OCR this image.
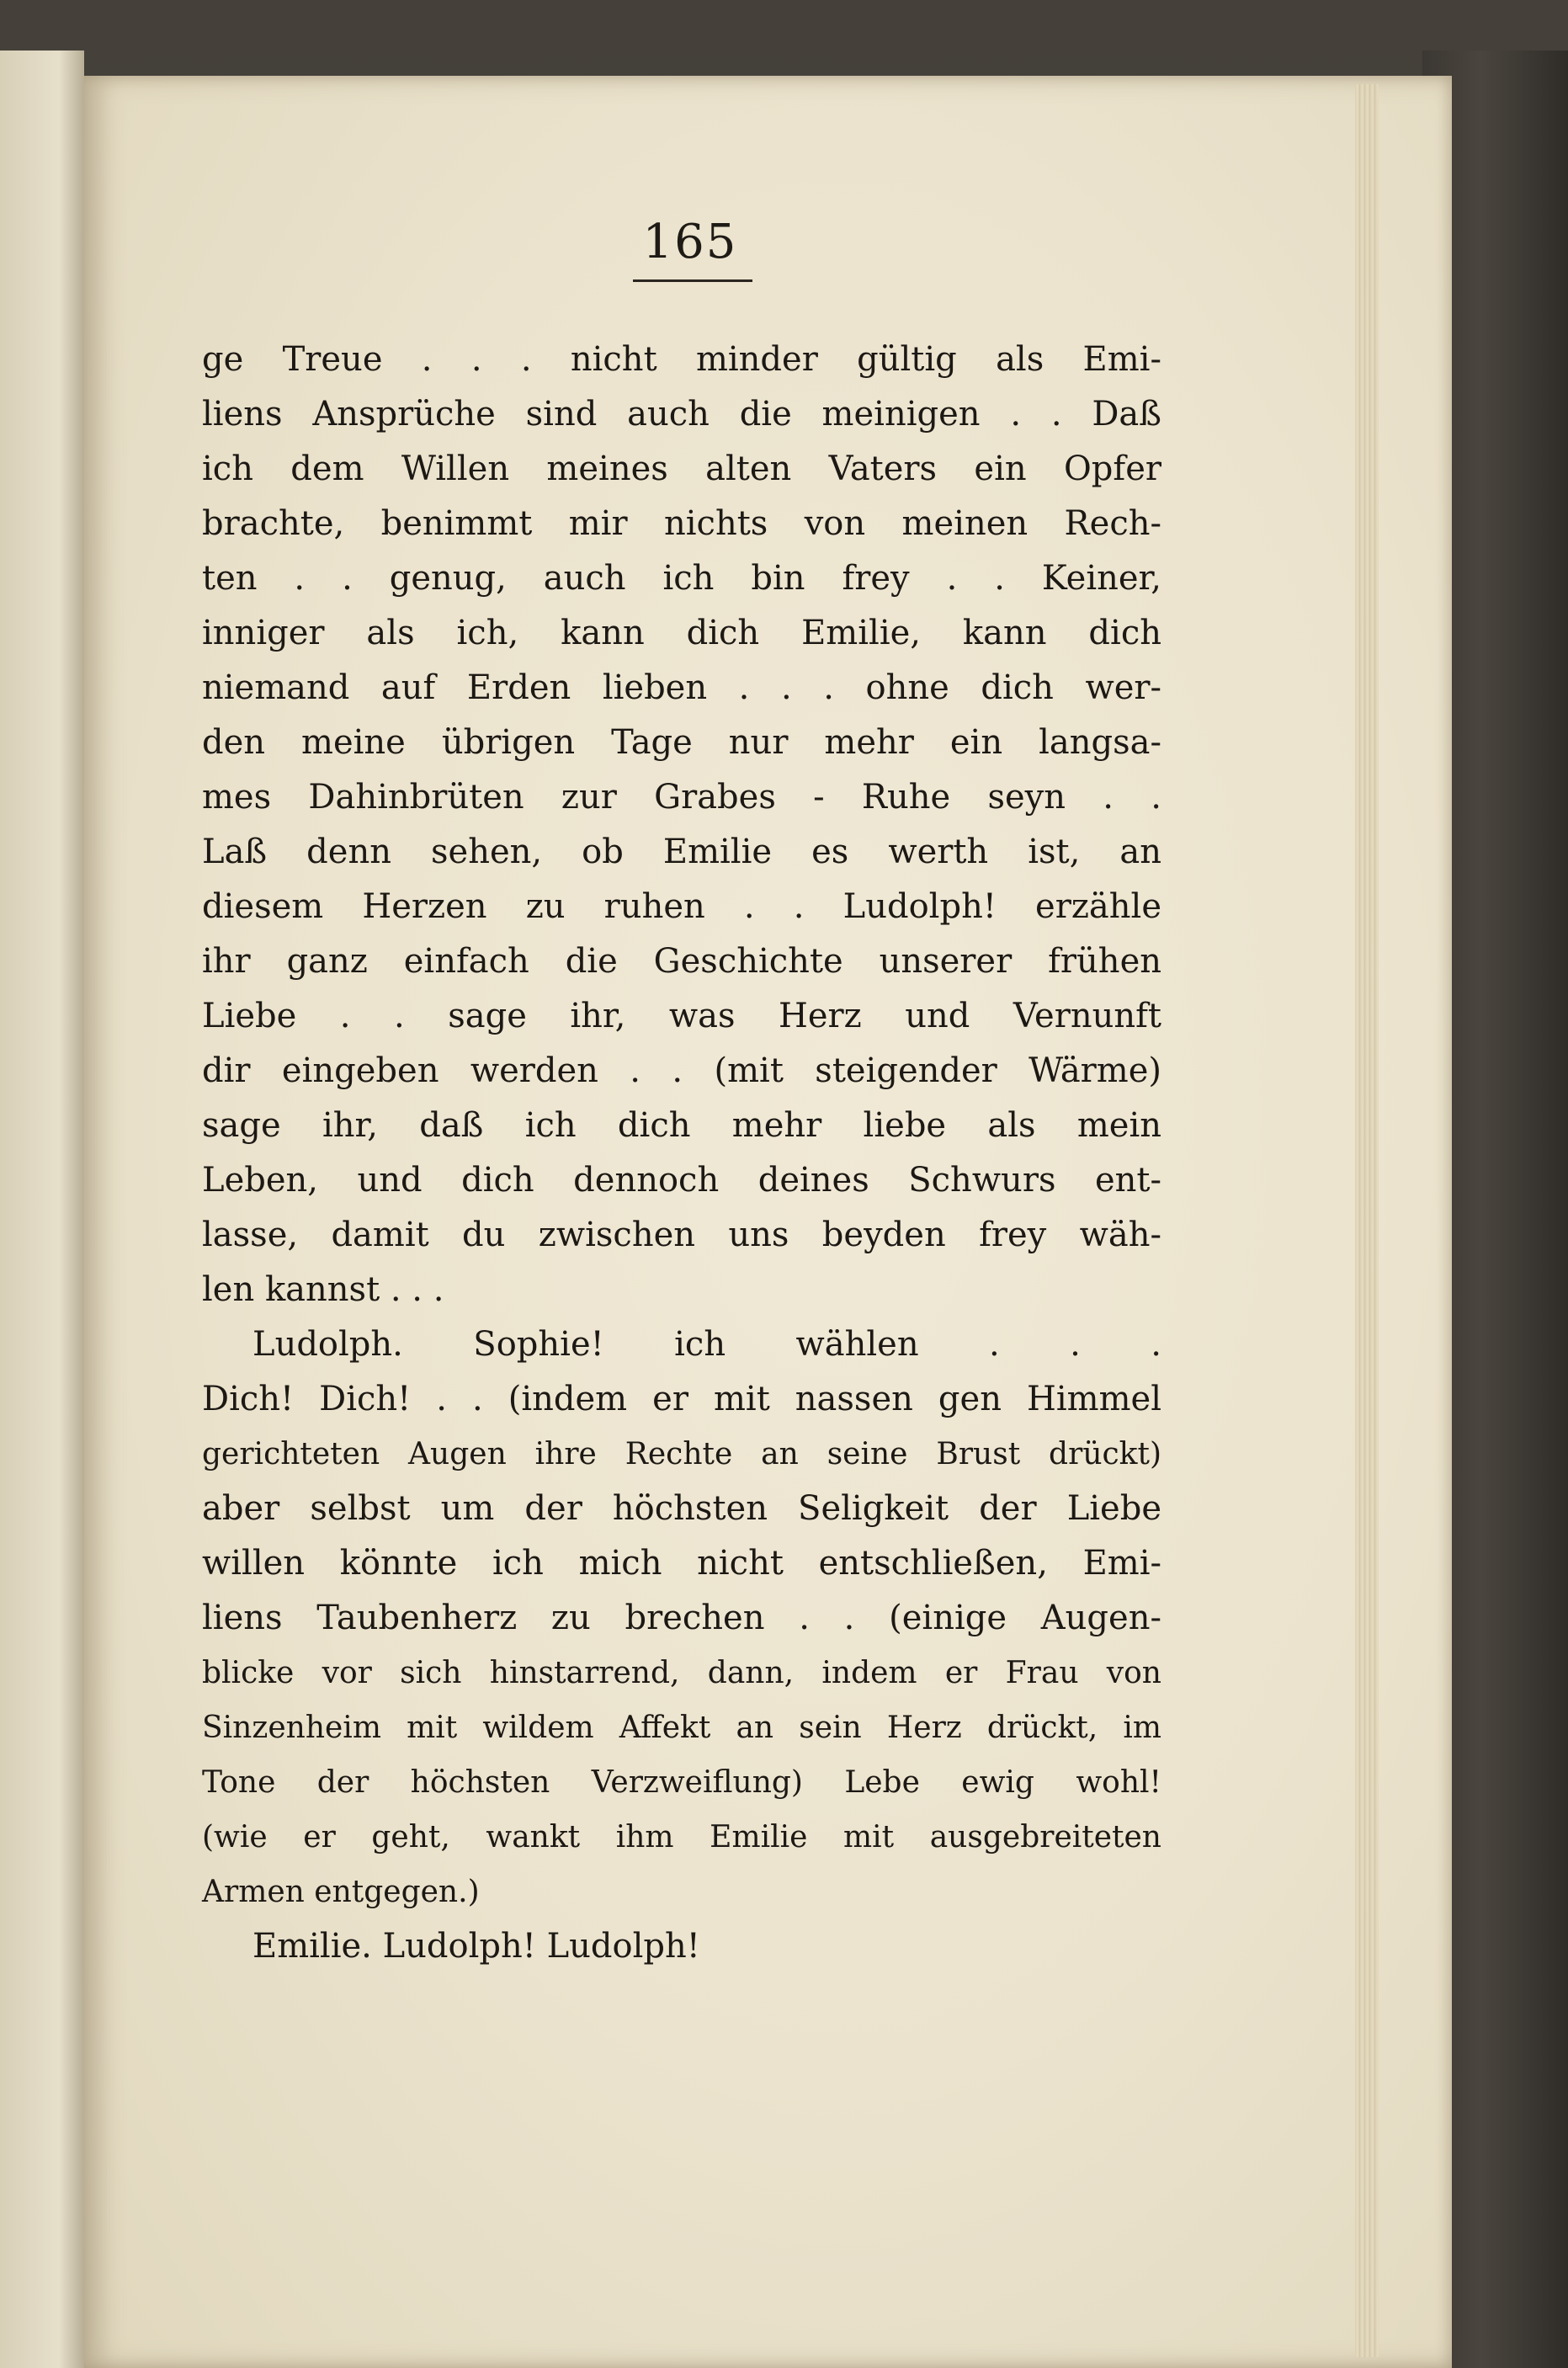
165
ge Treue . . . nicht minder gültig als Emi-
liens Ansprüche sind auch die meinigen . . Daß
ich dem Willen meines alten Vaters ein Opfer
brachte, benimmt mir nichts von meinen Rech-
ten . . genug, auch ich bin frey . . Keiner,
inniger als ich, kann dich Emilie, kann dich
niemand auf Erden lieben . . . ohne dich wer-
den meine übrigen Tage nur mehr ein langsa-
mes Dahinbrüten zur Grabes - Ruhe seyn . .
Laß denn sehen, ob Emilie es werth ist, an
diesem Herzen zu ruhen . . Ludolph! erzähle
ihr ganz einfach die Geschichte unserer frühen
Liebe . . sage ihr, was Herz und Vernunft
dir eingeben werden . . (mit steigender Wärme)
sage ihr, daß ich dich mehr liebe als mein
Leben, und dich dennoch deines Schwurs ent-
lasse, damit du zwischen uns beyden frey wäh-
len kannst . . .
Ludolph. Sophie! ich wählen . . .
Dich! Dich! . . (indem er mit nassen gen Himmel
gerichteten Augen ihre Rechte an seine Brust drückt)
aber selbst um der höchsten Seligkeit der Liebe
willen könnte ich mich nicht entschließen, Emi-
liens Taubenherz zu brechen . . (einige Augen-
blicke vor sich hinstarrend, dann, indem er Frau von
Sinzenheim mit wildem Affekt an sein Herz drückt, im
Tone der höchsten Verzweiflung) Lebe ewig wohl!
(wie er geht, wankt ihm Emilie mit ausgebreiteten
Armen entgegen.)
Emilie. Ludolph! Ludolph!
